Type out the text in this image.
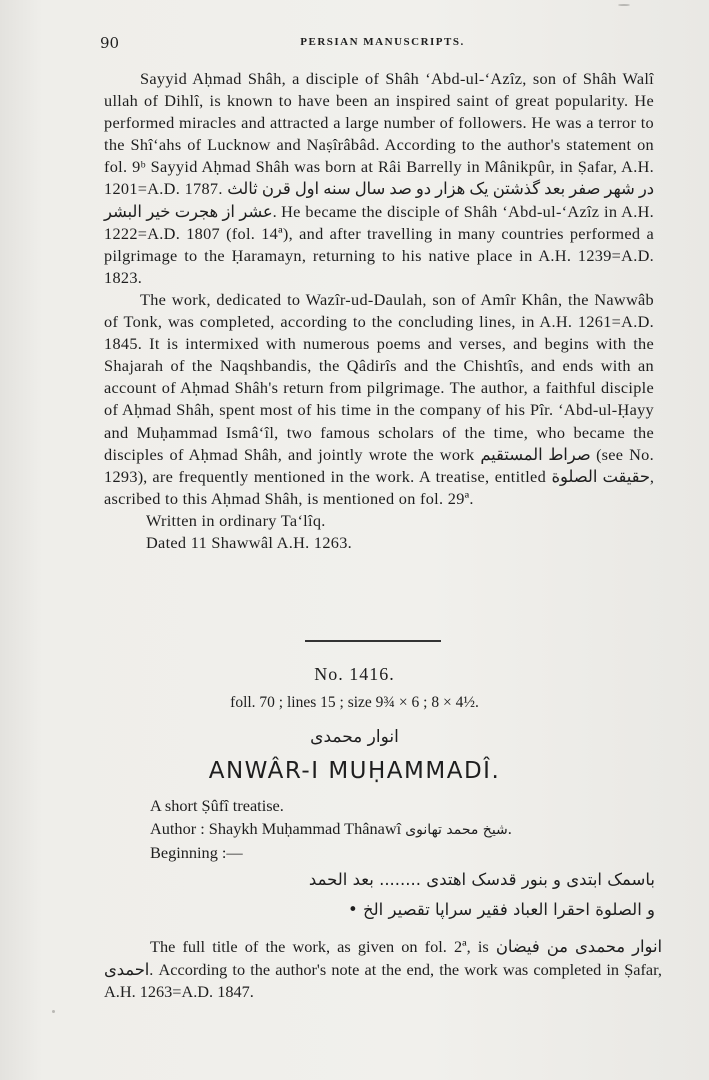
90	PERSIAN MANUSCRIPTS.

Sayyid Aḥmad Shâh, a disciple of Shâh ‘Abd-ul-‘Azîz, son of Shâh Walî ullah of Dihlî, is known to have been an inspired saint of great popularity. He performed miracles and attracted a large number of followers. He was a terror to the Shî‘ahs of Lucknow and Naṣîrâbâd. According to the author's statement on fol. 9ᵇ Sayyid Aḥmad Shâh was born at Râi Barrelly in Mânikpûr, in Ṣafar, A.H. 1201=A.D. 1787. در شهر صفر بعد گذشتن یک هزار دو صد سال سنه اول قرن ثالث عشر از هجرت خیر البشر. He became the disciple of Shâh ‘Abd-ul-‘Azîz in A.H. 1222=A.D. 1807 (fol. 14ª), and after travelling in many countries performed a pilgrimage to the Ḥaramayn, returning to his native place in A.H. 1239=A.D. 1823.

The work, dedicated to Wazîr-ud-Daulah, son of Amîr Khân, the Nawwâb of Tonk, was completed, according to the concluding lines, in A.H. 1261=A.D. 1845. It is intermixed with numerous poems and verses, and begins with the Shajarah of the Naqshbandis, the Qâdirîs and the Chishtîs, and ends with an account of Aḥmad Shâh's return from pilgrimage. The author, a faithful disciple of Aḥmad Shâh, spent most of his time in the company of his Pîr. ‘Abd-ul-Ḥayy and Muḥammad Ismâ‘îl, two famous scholars of the time, who became the disciples of Aḥmad Shâh, and jointly wrote the work صراط المستقيم (see No. 1293), are frequently mentioned in the work. A treatise, entitled حقیقت الصلوة, ascribed to this Aḥmad Shâh, is mentioned on fol. 29ª.

Written in ordinary Ta‘lîq.

Dated 11 Shawwâl A.H. 1263.

No. 1416.
foll. 70 ; lines 15 ; size 9¾ × 6 ; 8 × 4½.
انوار محمدی
ANWÂR-I MUḤAMMADÎ.
A short Ṣûfî treatise.
Author : Shaykh Muḥammad Thânawî شیخ محمد تهانوی.
Beginning :—
باسمک ابتدی و بنور قدسک اهتدی ........ بعد الحمد
و الصلوة احقرا العباد فقیر سراپا تقصیر الخ •
The full title of the work, as given on fol. 2ª, is انوار محمدی من فیضان احمدی. According to the author's note at the end, the work was completed in Ṣafar, A.H. 1263=A.D. 1847.
